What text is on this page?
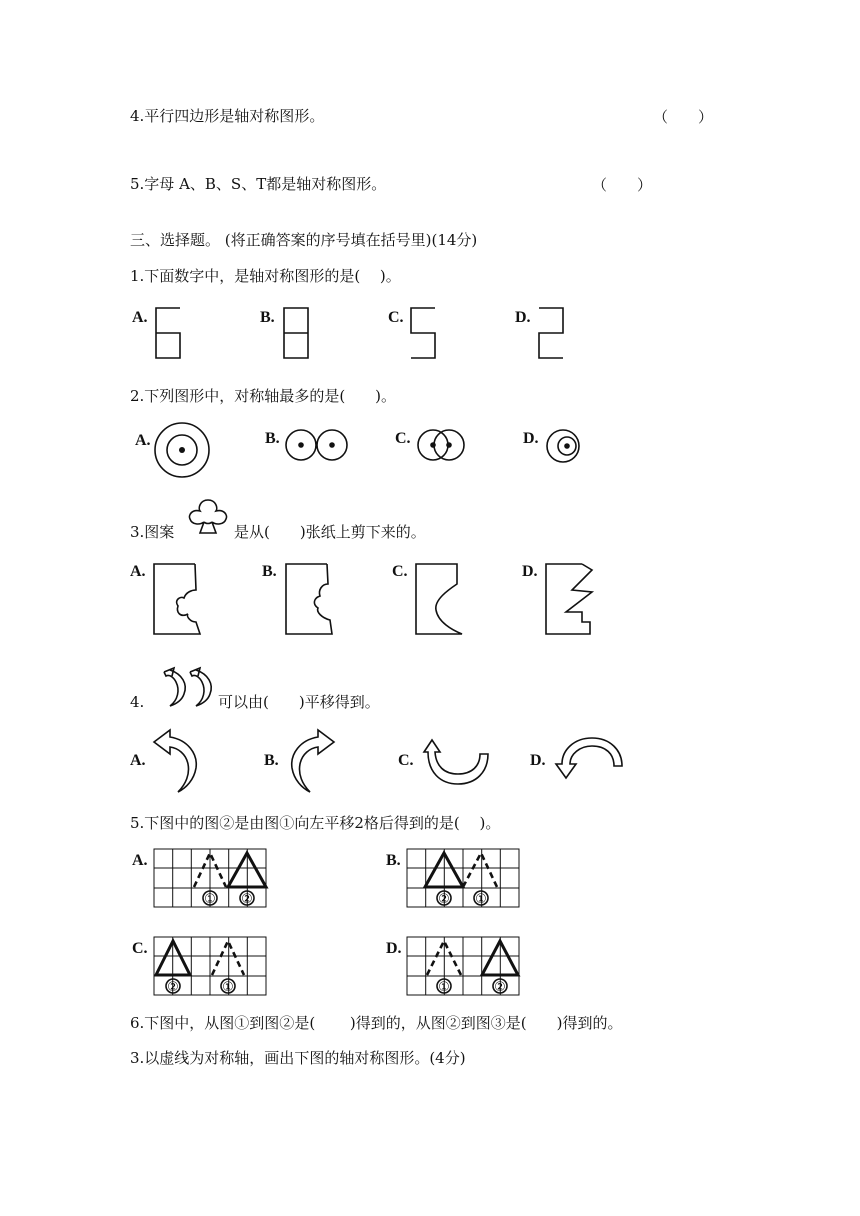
4.平行四边形是轴对称图形。	（　　）
5.字母 A、B、S、T都是轴对称图形。	（　　）
三、选择题。 (将正确答案的序号填在括号里)(14分)
1.下面数字中，是轴对称图形的是(　 )。
A.	B.	C.	D.
2.下列图形中，对称轴最多的是(　　)。
A.	B.	C.	D.
3.图案	是从(　　)张纸上剪下来的。
A.	B.	C.	D.
4.	可以由(　　)平移得到。
A.	B.	C.	D.
5.下图中的图②是由图①向左平移2格后得到的是(　 )。
A.	B.
C.	D.
① ②	② ①
②	①	①	②
6.下图中，从图①到图②是(　　 )得到的，从图②到图③是(　　)得到的。
3.以虚线为对称轴，画出下图的轴对称图形。(4分)
